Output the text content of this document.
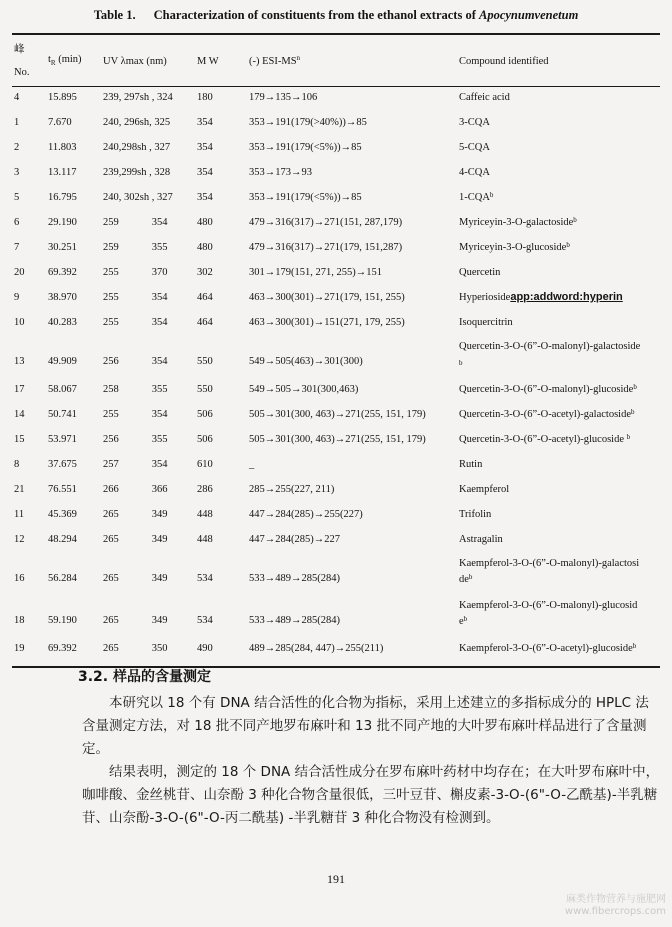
Table 1. Characterization of constituents from the ethanol extracts of Apocynumvenetum
峰
No.	$t_R$ (min)	UV λmax (nm)	M W	(-) ESI-$MS^n$	Compound identified
4	15.895	239, 297sh , 324	180	179→135→106	Caffeic acid
1	7.670	240, 296sh, 325	354	353→191(179(>40%))→85	3-CQA
2	11.803	240,298sh , 327	354	353→191(179(<5%))→85	5-CQA
3	13.117	239,299sh , 328	354	353→173→93	4-CQA
5	16.795	240, 302sh , 327	354	353→191(179(<5%))→85	1-CQA$^b$
6	29.190	259 354	480	479→316(317)→271(151, 287,179)	Myriceyin-3-O-galactoside$^b$
7	30.251	259 355	480	479→316(317)→271(179, 151,287)	Myriceyin-3-O-glucoside$^b$
20	69.392	255 370	302	301→179(151, 271, 255)→151	Quercetin
9	38.970	255 354	464	463→300(301)→271(179, 151, 255)	Hyperiosideapp:addword:hyperin
10	40.283	255 354	464	463→300(301)→151(271, 179, 255)	Isoquercitrin
13	49.909	256 354	550	549→505(463)→301(300)	Quercetin-3-O-(6”-O-malonyl)-galactoside
b

17	58.067	258 355	550	549→505→301(300,463)	Quercetin-3-O-(6”-O-malonyl)-glucoside$^b$
14	50.741	255 354	506	505→301(300, 463)→271(255, 151, 179)	Quercetin-3-O-(6”-O-acetyl)-galactoside$^b$
15	53.971	256 355	506	505→301(300, 463)→271(255, 151, 179)	Quercetin-3-O-(6”-O-acetyl)-glucoside $^b$
8	37.675	257 354	610	_	Rutin
21	76.551	266 366	286	285→255(227, 211)	Kaempferol
11	45.369	265 349	448	447→284(285)→255(227)	Trifolin
12	48.294	265 349	448	447→284(285)→227	Astragalin
16	56.284	265 349	534	533→489→285(284)	Kaempferol-3-O-(6”-O-malonyl)-galactosi
$de^b$

18	59.190	265 349	534	533→489→285(284)	Kaempferol-3-O-(6”-O-malonyl)-glucosid
$e^b$

19	69.392	265 350	490	489→285(284, 447)→255(211)	Kaempferol-3-O-(6”-O-acetyl)-glucoside$^b$
3.2. 样品的含量测定

本研究以 18 个有 DNA 结合活性的化合物为指标，采用上述建立的多指标成分的 HPLC 法含量测定方法，对 18 批不同产地罗布麻叶和 13 批不同产地的大叶罗布麻叶样品进行了含量测定。

结果表明，测定的 18 个 DNA 结合活性成分在罗布麻叶药材中均存在；在大叶罗布麻叶中，咖啡酸、金丝桃苷、山奈酚 3 种化合物含量很低，三叶豆苷、槲皮素-3-O-(6"-O-乙酰基)-半乳糖苷、山奈酚-3-O-(6"-O-丙二酰基) -半乳糖苷 3 种化合物没有检测到。

191
麻类作物营养与施肥网
www.fibercrops.com
